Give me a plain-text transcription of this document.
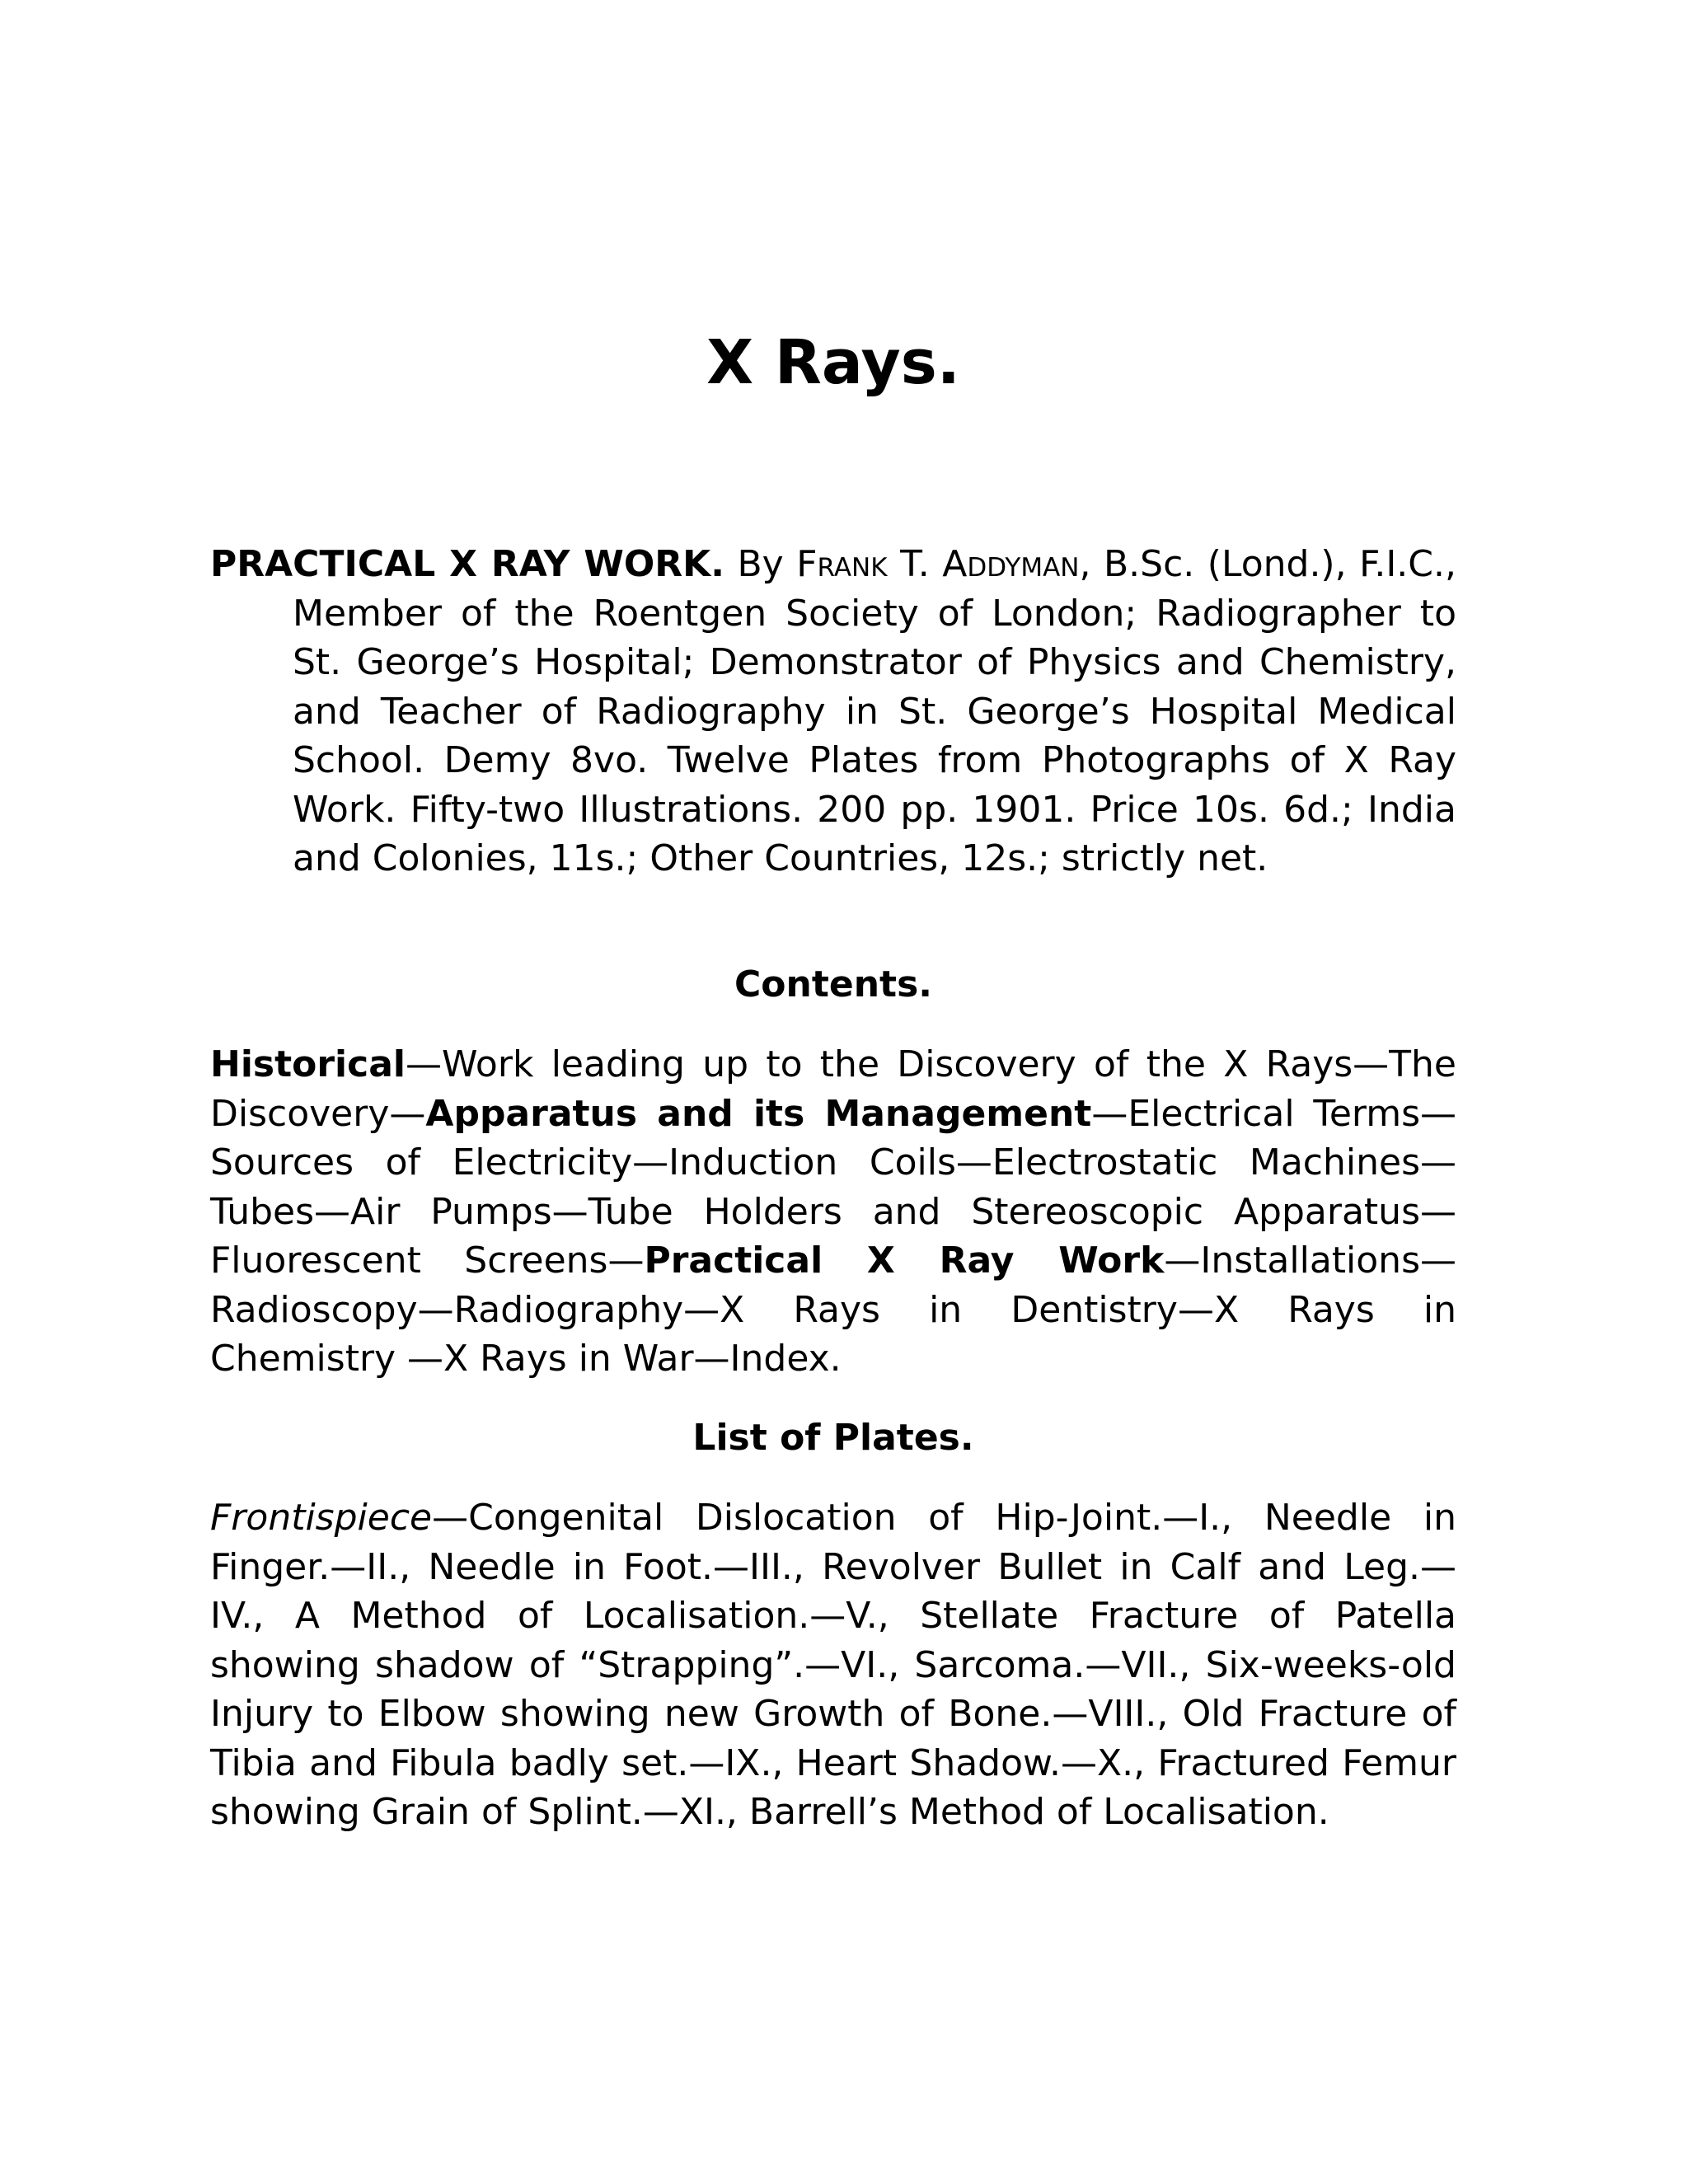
X Rays.

PRACTICAL X RAY WORK. By Frank T. Addyman, B.Sc. (Lond.), F.I.C., Member of the Roentgen Society of London; Radiographer to St. George’s Hospital; Demonstrator of Physics and Chemistry, and Teacher of Radiography in St. George’s Hospital Medical School. Demy 8vo. Twelve Plates from Photographs of X Ray Work. Fifty-two Illustrations. 200 pp. 1901. Price 10s. 6d.; India and Colonies, 11s.; Other Countries, 12s.; strictly net.

Contents.

Historical—Work leading up to the Discovery of the X Rays—The Discovery—Apparatus and its Management—Electrical Terms—Sources of Electricity—Induction Coils—Electrostatic Machines—Tubes—Air Pumps—Tube Holders and Stereoscopic Apparatus—Fluorescent Screens—Practical X Ray Work—Installations—Radioscopy—Radiography—X Rays in Dentistry—X Rays in Chemistry —X Rays in War—Index.

List of Plates.

Frontispiece—Congenital Dislocation of Hip-Joint.—I., Needle in Finger.—II., Needle in Foot.—III., Revolver Bullet in Calf and Leg.—IV., A Method of Localisation.—V., Stellate Fracture of Patella showing shadow of “Strapping”.—VI., Sarcoma.—VII., Six-weeks-old Injury to Elbow showing new Growth of Bone.—VIII., Old Fracture of Tibia and Fibula badly set.—IX., Heart Shadow.—X., Fractured Femur showing Grain of Splint.—XI., Barrell’s Method of Localisation.
